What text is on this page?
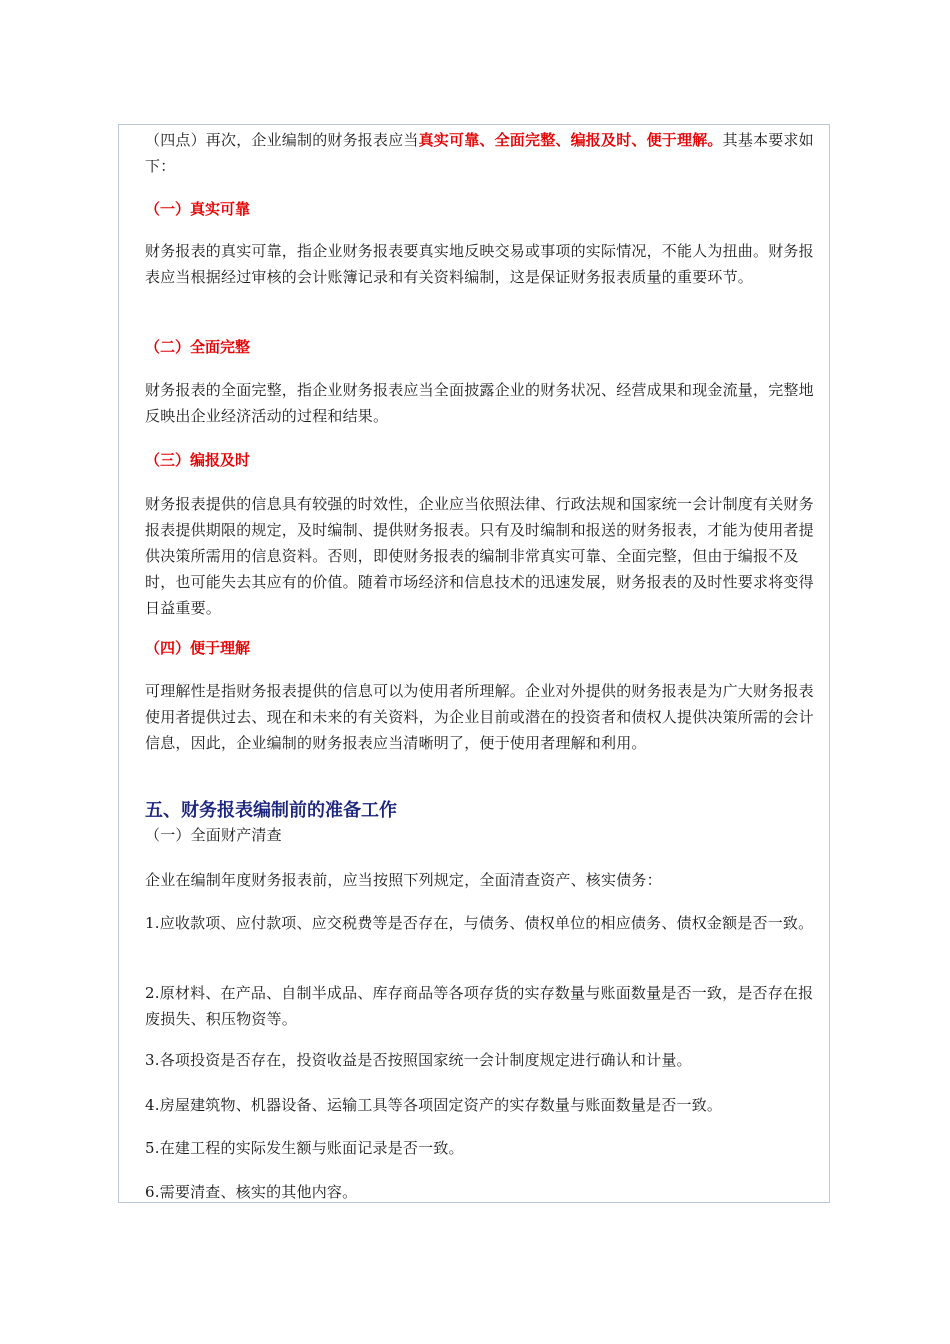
（四点）再次，企业编制的财务报表应当真实可靠、全面完整、编报及时、便于理解。其基本要求如下：

（一）真实可靠

财务报表的真实可靠，指企业财务报表要真实地反映交易或事项的实际情况，不能人为扭曲。财务报表应当根据经过审核的会计账簿记录和有关资料编制，这是保证财务报表质量的重要环节。

（二）全面完整

财务报表的全面完整，指企业财务报表应当全面披露企业的财务状况、经营成果和现金流量，完整地反映出企业经济活动的过程和结果。

（三）编报及时

财务报表提供的信息具有较强的时效性，企业应当依照法律、行政法规和国家统一会计制度有关财务报表提供期限的规定，及时编制、提供财务报表。只有及时编制和报送的财务报表，才能为使用者提供决策所需用的信息资料。否则，即使财务报表的编制非常真实可靠、全面完整，但由于编报不及时，也可能失去其应有的价值。随着市场经济和信息技术的迅速发展，财务报表的及时性要求将变得日益重要。

（四）便于理解

可理解性是指财务报表提供的信息可以为使用者所理解。企业对外提供的财务报表是为广大财务报表使用者提供过去、现在和未来的有关资料，为企业目前或潜在的投资者和债权人提供决策所需的会计信息，因此，企业编制的财务报表应当清晰明了，便于使用者理解和利用。

五、财务报表编制前的准备工作

（一）全面财产清查

企业在编制年度财务报表前，应当按照下列规定，全面清查资产、核实债务：

1.应收款项、应付款项、应交税费等是否存在，与债务、债权单位的相应债务、债权金额是否一致。

2.原材料、在产品、自制半成品、库存商品等各项存货的实存数量与账面数量是否一致，是否存在报废损失、积压物资等。

3.各项投资是否存在，投资收益是否按照国家统一会计制度规定进行确认和计量。

4.房屋建筑物、机器设备、运输工具等各项固定资产的实存数量与账面数量是否一致。

5.在建工程的实际发生额与账面记录是否一致。

6.需要清查、核实的其他内容。
